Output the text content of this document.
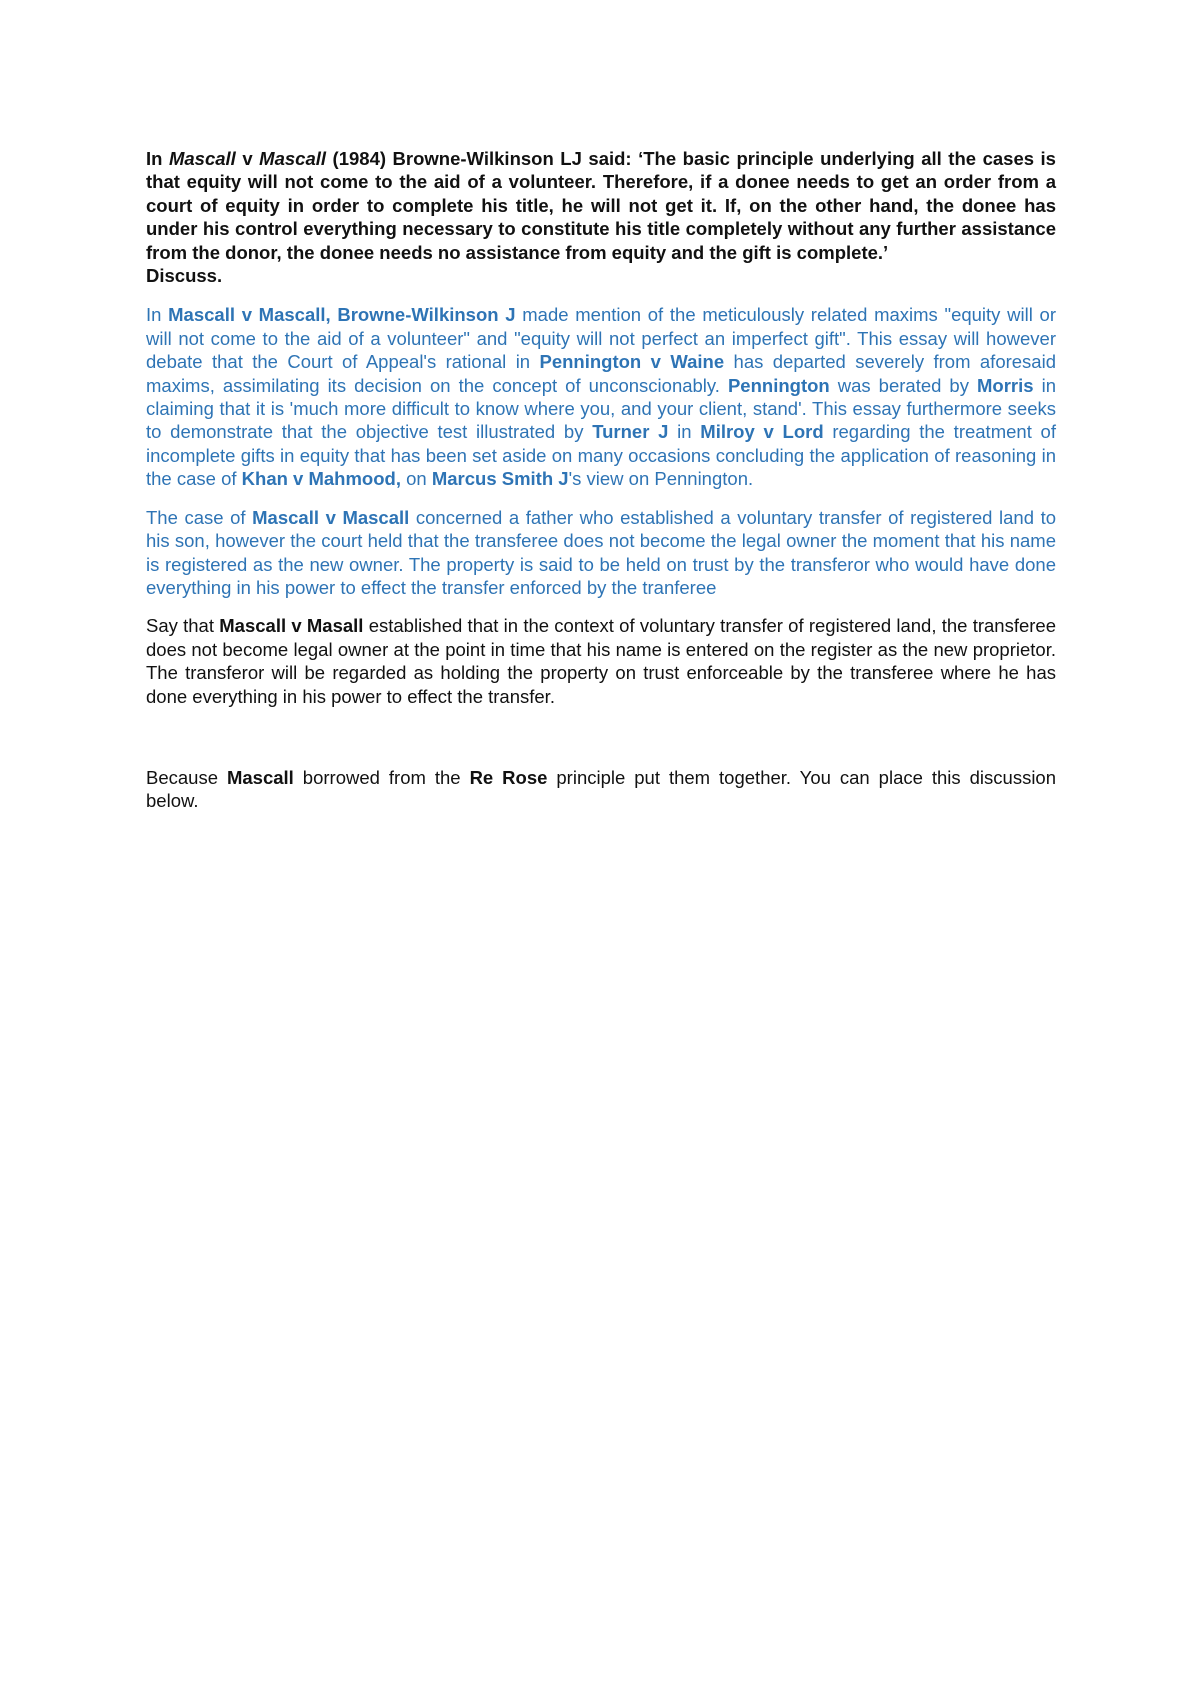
In Mascall v Mascall (1984) Browne-Wilkinson LJ said: ‘The basic principle underlying all the cases is that equity will not come to the aid of a volunteer. Therefore, if a donee needs to get an order from a court of equity in order to complete his title, he will not get it. If, on the other hand, the donee has under his control everything necessary to constitute his title completely without any further assistance from the donor, the donee needs no assistance from equity and the gift is complete.’

Discuss.

In Mascall v Mascall, Browne-Wilkinson J made mention of the meticulously related maxims "equity will or will not come to the aid of a volunteer" and "equity will not perfect an imperfect gift". This essay will however debate that the Court of Appeal's rational in Pennington v Waine has departed severely from aforesaid maxims, assimilating its decision on the concept of unconscionably. Pennington was berated by Morris in claiming that it is 'much more difficult to know where you, and your client, stand'. This essay furthermore seeks to demonstrate that the objective test illustrated by Turner J in Milroy v Lord regarding the treatment of incomplete gifts in equity that has been set aside on many occasions concluding the application of reasoning in the case of Khan v Mahmood, on Marcus Smith J's view on Pennington.

The case of Mascall v Mascall concerned a father who established a voluntary transfer of registered land to his son, however the court held that the transferee does not become the legal owner the moment that his name is registered as the new owner. The property is said to be held on trust by the transferor who would have done everything in his power to effect the transfer enforced by the tranferee

Say that Mascall v Masall established that in the context of voluntary transfer of registered land, the transferee does not become legal owner at the point in time that his name is entered on the register as the new proprietor. The transferor will be regarded as holding the property on trust enforceable by the transferee where he has done everything in his power to effect the transfer.

Because Mascall borrowed from the Re Rose principle put them together. You can place this discussion below.
